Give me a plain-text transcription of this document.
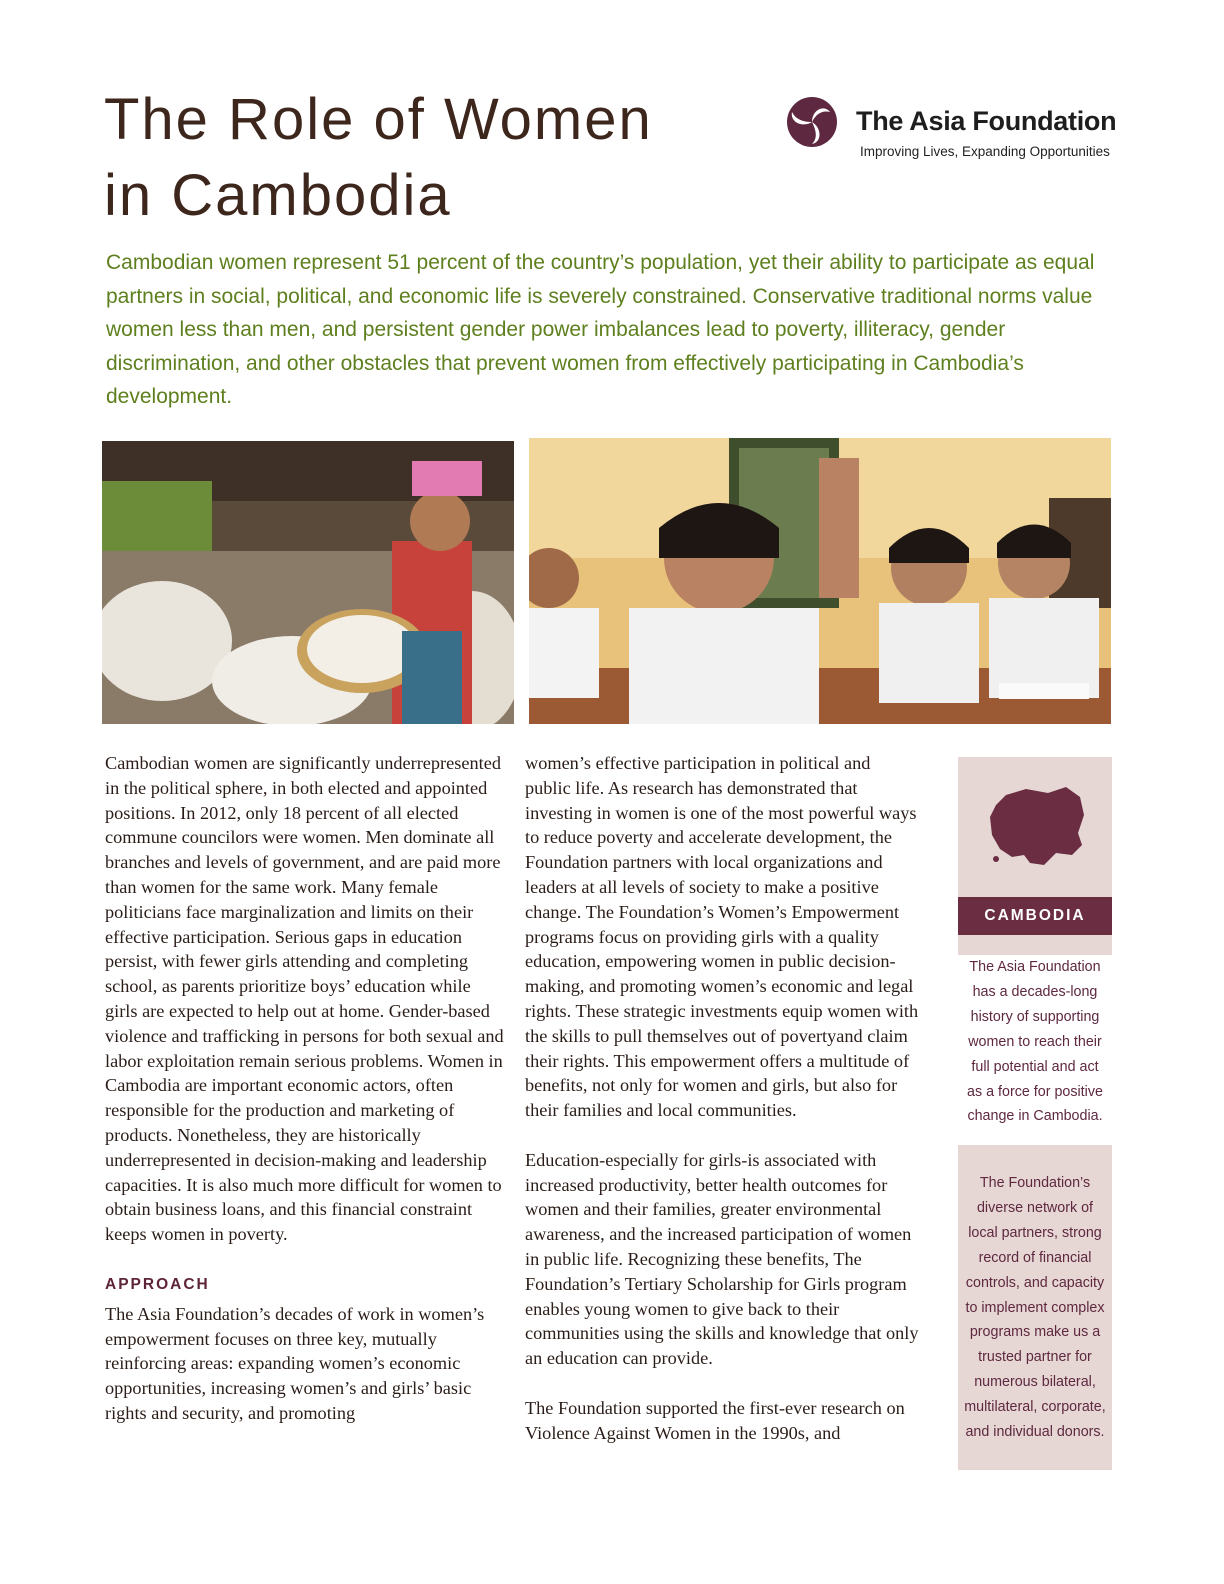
The Role of Women
in Cambodia
The Asia Foundation
Improving Lives, Expanding Opportunities

Cambodian women represent 51 percent of the country’s population, yet their ability to participate as equal partners in social, political, and economic life is severely constrained. Conservative traditional norms value women less than men, and persistent gender power imbalances lead to poverty, illiteracy, gender discrimination, and other obstacles that prevent women from effectively participating in Cambodia’s development.

Cambodian women are significantly underrepresented in the political sphere, in both elected and appointed positions. In 2012, only 18 percent of all elected commune councilors were women. Men dominate all branches and levels of government, and are paid more than women for the same work. Many female politicians face marginalization and limits on their effective participation. Serious gaps in education persist, with fewer girls attending and completing school, as parents prioritize boys’ education while girls are expected to help out at home. Gender-based violence and trafficking in persons for both sexual and labor exploitation remain serious problems. Women in Cambodia are important economic actors, often responsible for the production and marketing of products. Nonetheless, they are historically underrepresented in decision-making and leadership capacities. It is also much more difficult for women to obtain business loans, and this financial constraint keeps women in poverty.

APPROACH

The Asia Foundation’s decades of work in women’s empowerment focuses on three key, mutually reinforcing areas: expanding women’s economic opportunities, increasing women’s and girls’ basic rights and security, and promoting

women’s effective participation in political and public life. As research has demonstrated that investing in women is one of the most powerful ways to reduce poverty and accelerate development, the Foundation partners with local organizations and leaders at all levels of society to make a positive change. The Foundation’s Women’s Empowerment programs focus on providing girls with a quality education, empowering women in public decision-making, and promoting women’s economic and legal rights. These strategic investments equip women with the skills to pull themselves out of povertyand claim their rights. This empowerment offers a multitude of benefits, not only for women and girls, but also for their families and local communities.

Education-especially for girls-is associated with increased productivity, better health outcomes for women and their families, greater environmental awareness, and the increased participation of women in public life. Recognizing these benefits, The Foundation’s Tertiary Scholarship for Girls program enables young women to give back to their communities using the skills and knowledge that only an education can provide.

The Foundation supported the first-ever research on Violence Against Women in the 1990s, and

CAMBODIA

The Asia Foundation has a decades-long history of supporting women to reach their full potential and act as a force for positive change in Cambodia.

The Foundation’s diverse network of local partners, strong record of financial controls, and capacity to implement complex programs make us a trusted partner for numerous bilateral, multilateral, corporate, and individual donors.
